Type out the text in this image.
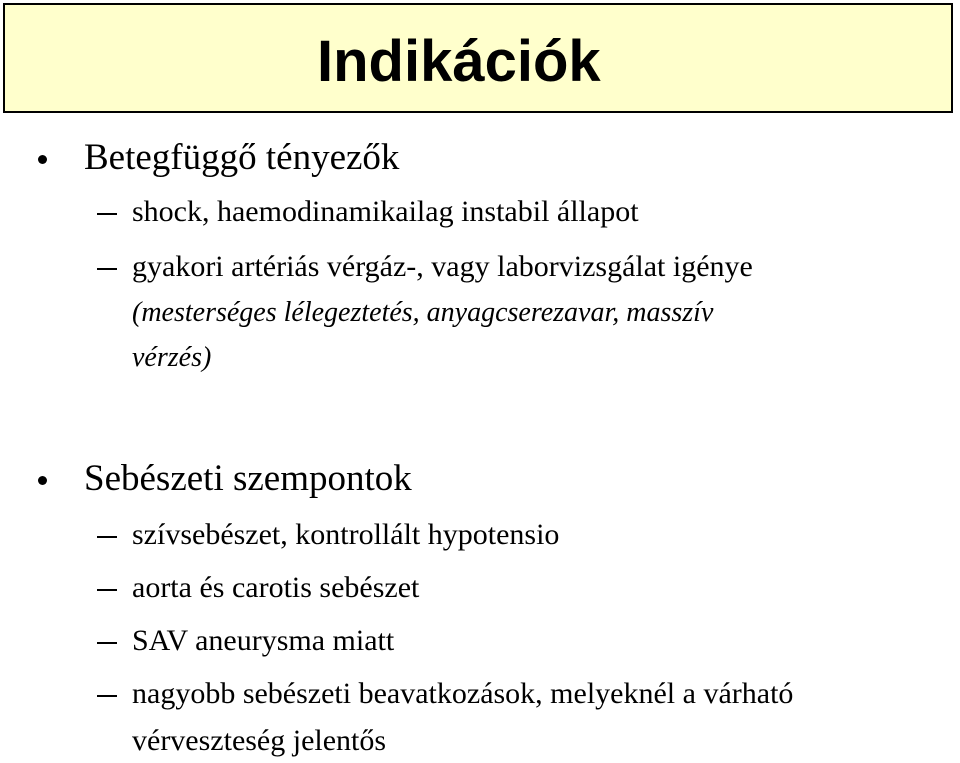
Indikációk
Betegfüggő tényezők
shock, haemodinamikailag instabil állapot
gyakori artériás vérgáz-, vagy laborvizsgálat igénye
(mesterséges lélegeztetés, anyagcserezavar, masszív
vérzés)
Sebészeti szempontok
szívsebészet, kontrollált hypotensio
aorta és carotis sebészet
SAV aneurysma miatt
nagyobb sebészeti beavatkozások, melyeknél a várható
vérveszteség jelentős
